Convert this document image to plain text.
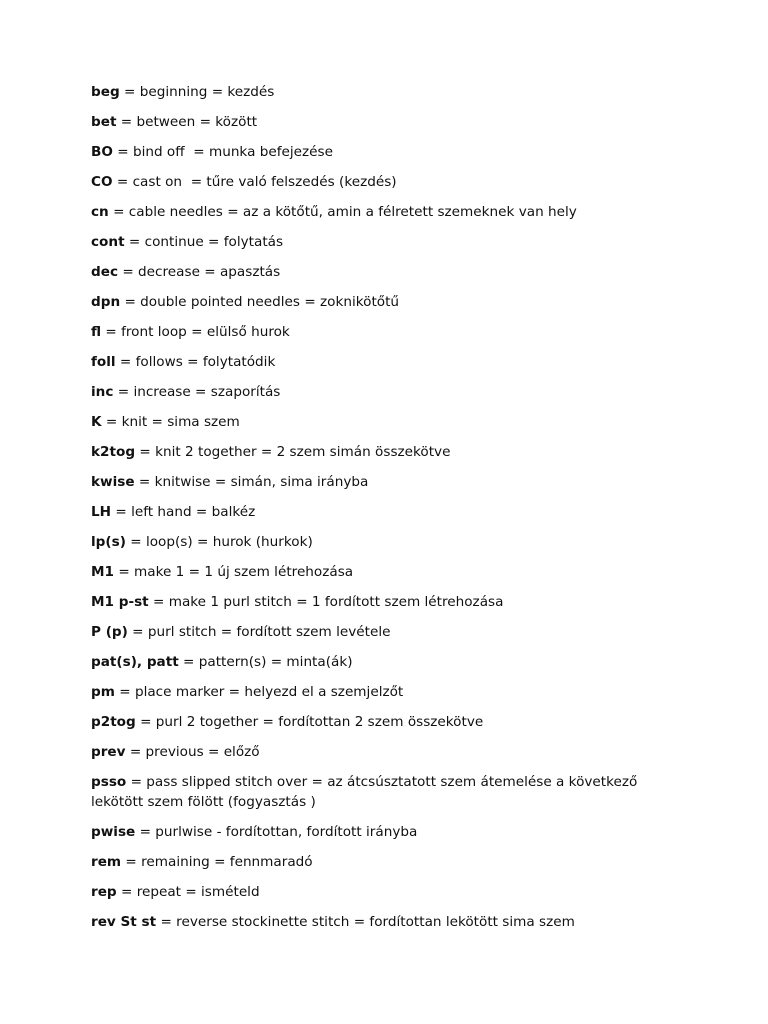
beg = beginning = kezdés
bet = between = között
BO = bind off  = munka befejezése
CO = cast on  = tűre való felszedés (kezdés)
cn = cable needles = az a kötőtű, amin a félretett szemeknek van hely
cont = continue = folytatás
dec = decrease = apasztás
dpn = double pointed needles = zoknikötőtű
fl = front loop = elülső hurok
foll = follows = folytatódik
inc = increase = szaporítás
K = knit = sima szem
k2tog = knit 2 together = 2 szem simán összekötve
kwise = knitwise = simán, sima irányba
LH = left hand = balkéz
lp(s) = loop(s) = hurok (hurkok)
M1 = make 1 = 1 új szem létrehozása
M1 p-st = make 1 purl stitch = 1 fordított szem létrehozása
P (p) = purl stitch = fordított szem levétele
pat(s), patt = pattern(s) = minta(ák)
pm = place marker = helyezd el a szemjelzőt
p2tog = purl 2 together = fordítottan 2 szem összekötve
prev = previous = előző
psso = pass slipped stitch over = az átcsúsztatott szem átemelése a következő lekötött szem fölött (fogyasztás )
pwise = purlwise - fordítottan, fordított irányba
rem = remaining = fennmaradó
rep = repeat = ismételd
rev St st = reverse stockinette stitch = fordítottan lekötött sima szem
